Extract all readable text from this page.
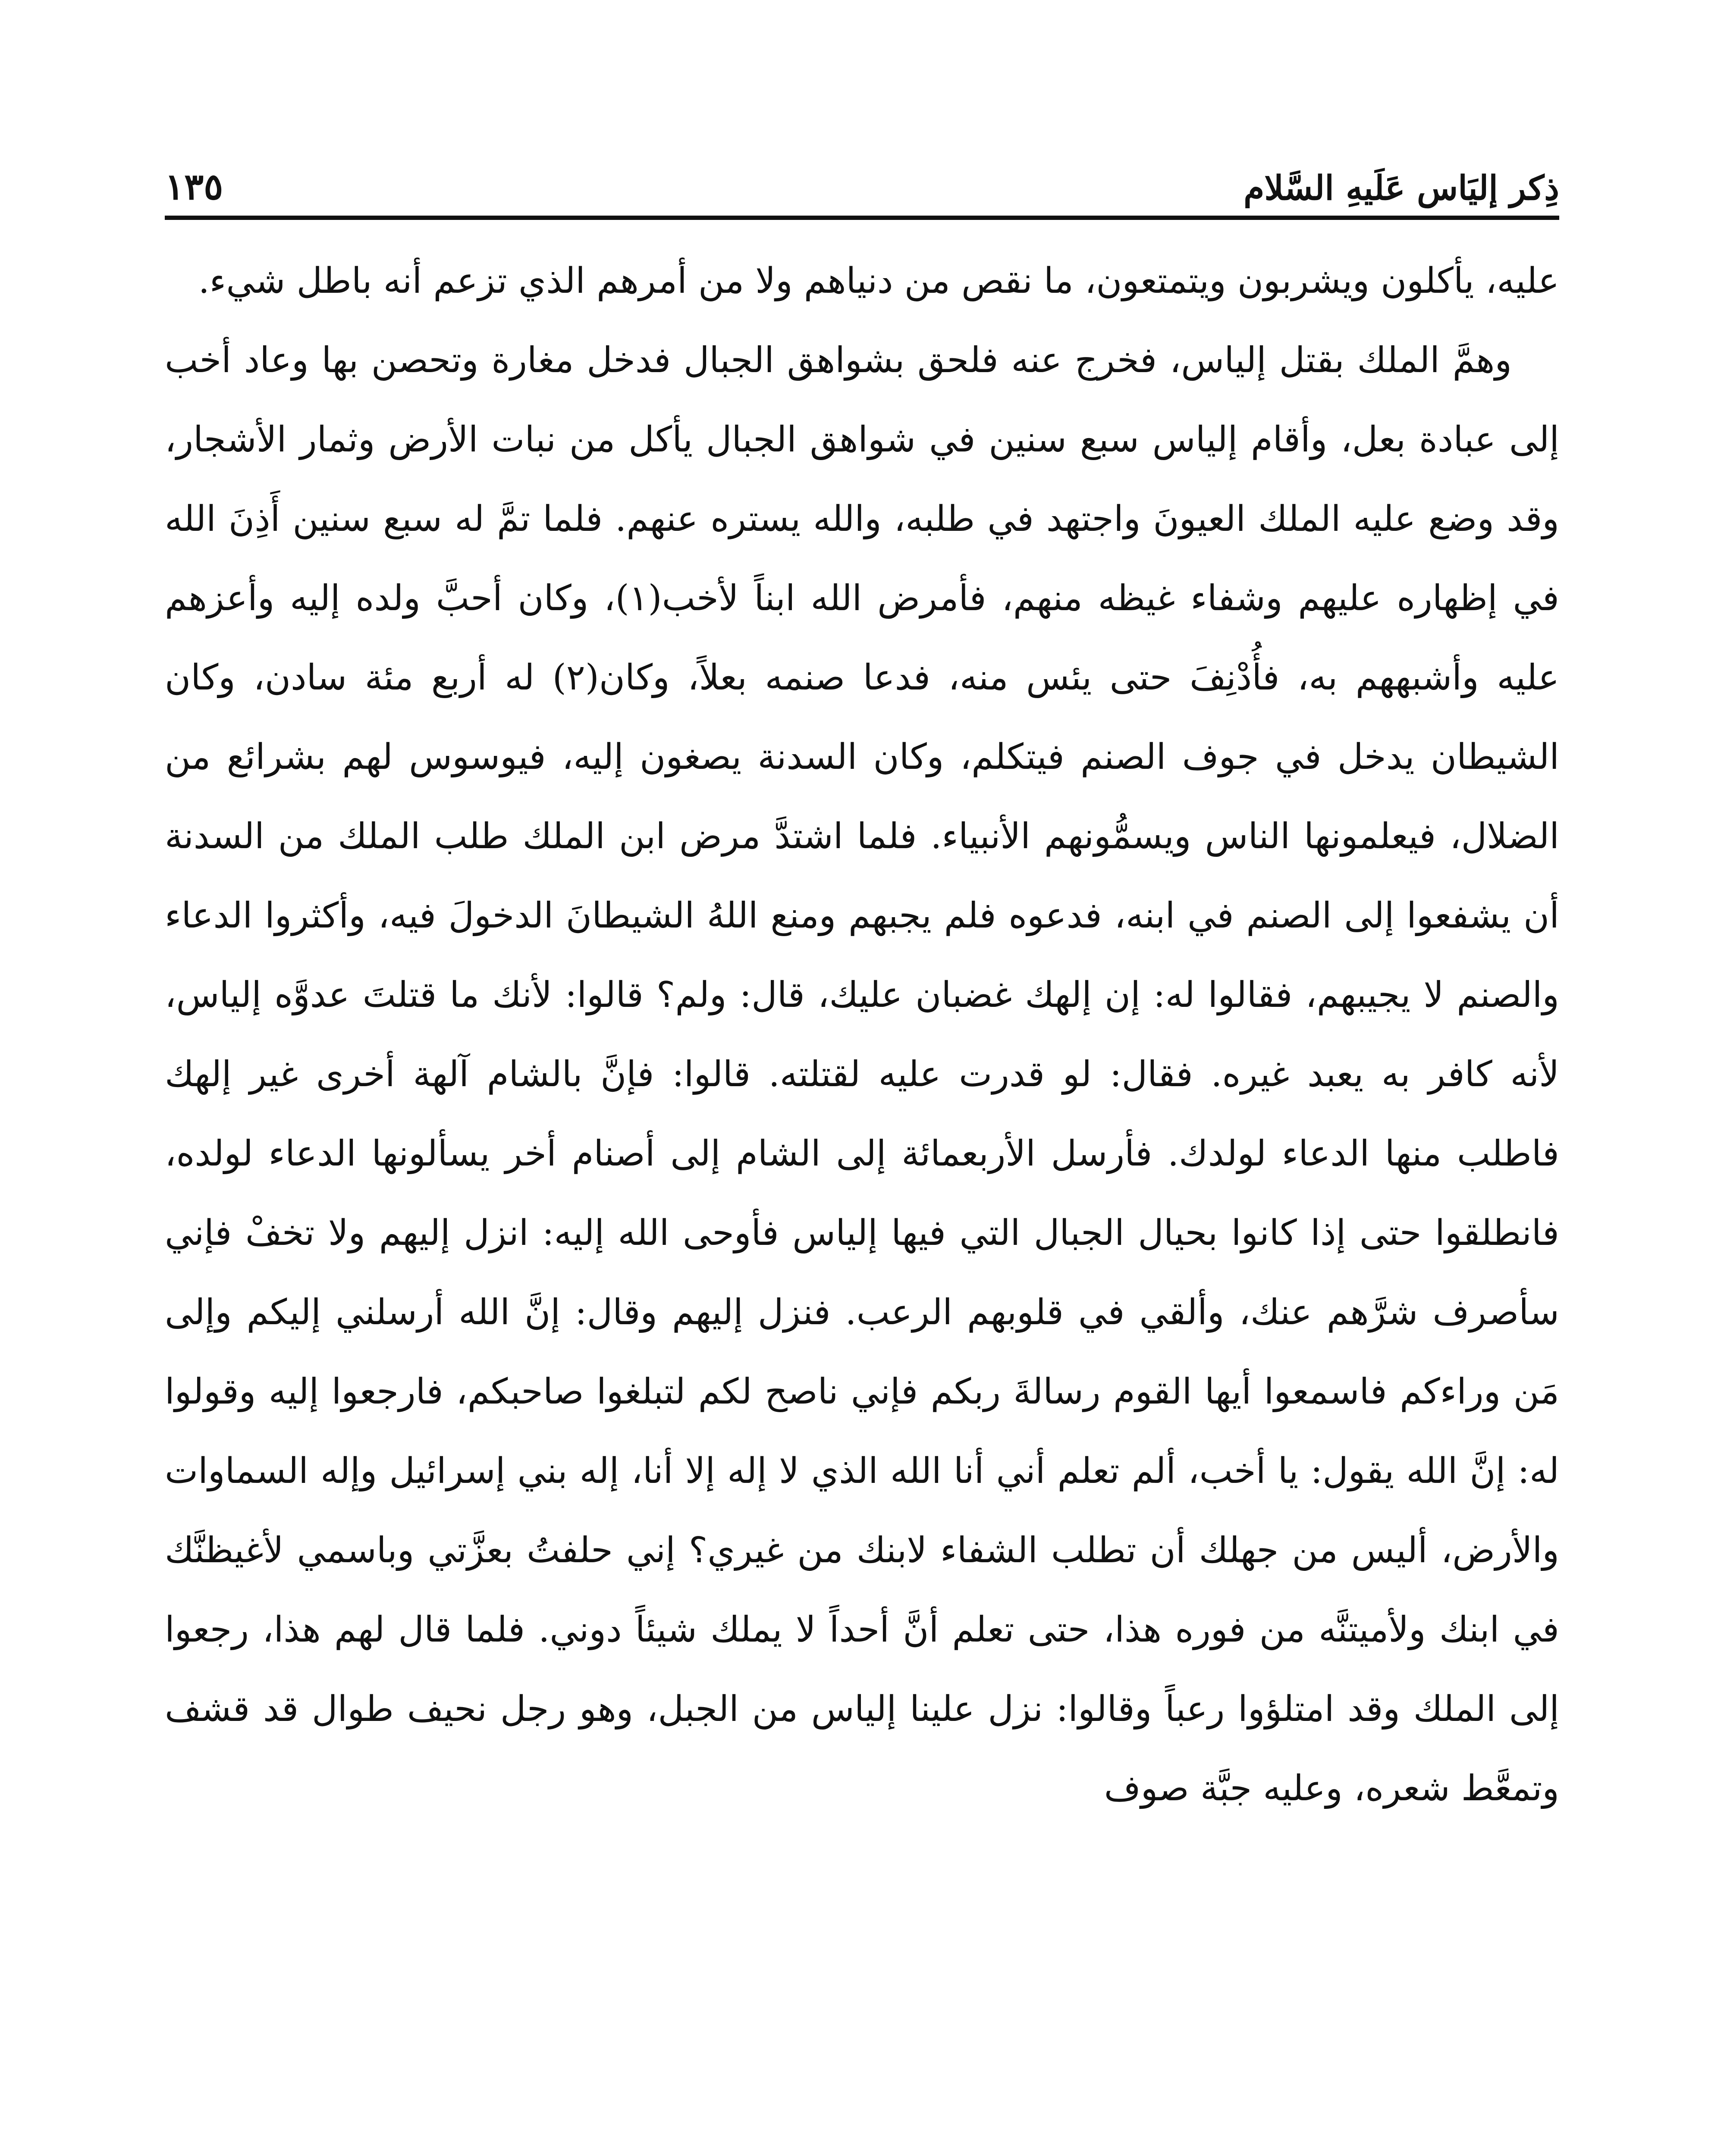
ذِكر إليَاس عَلَيهِ السَّلام
١٣٥

عليه، يأكلون ويشربون ويتمتعون، ما نقص من دنياهم ولا من أمرهم الذي تزعم أنه باطل شيء.

وهمَّ الملك بقتل إلياس، فخرج عنه فلحق بشواهق الجبال فدخل مغارة وتحصن بها وعاد أخب إلى عبادة بعل، وأقام إلياس سبع سنين في شواهق الجبال يأكل من نبات الأرض وثمار الأشجار، وقد وضع عليه الملك العيونَ واجتهد في طلبه، والله يستره عنهم. فلما تمَّ له سبع سنين أَذِنَ الله في إظهاره عليهم وشفاء غيظه منهم، فأمرض الله ابناً لأخب(١)، وكان أحبَّ ولده إليه وأعزهم عليه وأشبههم به، فأُدْنِفَ حتى يئس منه، فدعا صنمه بعلاً، وكان(٢) له أربع مئة سادن، وكان الشيطان يدخل في جوف الصنم فيتكلم، وكان السدنة يصغون إليه، فيوسوس لهم بشرائع من الضلال، فيعلمونها الناس ويسمُّونهم الأنبياء. فلما اشتدَّ مرض ابن الملك طلب الملك من السدنة أن يشفعوا إلى الصنم في ابنه، فدعوه فلم يجبهم ومنع اللهُ الشيطانَ الدخولَ فيه، وأكثروا الدعاء والصنم لا يجيبهم، فقالوا له: إن إلهك غضبان عليك، قال: ولم؟ قالوا: لأنك ما قتلتَ عدوَّه إلياس، لأنه كافر به يعبد غيره. فقال: لو قدرت عليه لقتلته. قالوا: فإنَّ بالشام آلهة أخرى غير إلهك فاطلب منها الدعاء لولدك. فأرسل الأربعمائة إلى الشام إلى أصنام أخر يسألونها الدعاء لولده، فانطلقوا حتى إذا كانوا بحيال الجبال التي فيها إلياس فأوحى الله إليه: انزل إليهم ولا تخفْ فإني سأصرف شرَّهم عنك، وألقي في قلوبهم الرعب. فنزل إليهم وقال: إنَّ الله أرسلني إليكم وإلى مَن وراءكم فاسمعوا أيها القوم رسالةَ ربكم فإني ناصح لكم لتبلغوا صاحبكم، فارجعوا إليه وقولوا له: إنَّ الله يقول: يا أخب، ألم تعلم أني أنا الله الذي لا إله إلا أنا، إله بني إسرائيل وإله السماوات والأرض، أليس من جهلك أن تطلب الشفاء لابنك من غيري؟ إني حلفتُ بعزَّتي وباسمي لأغيظنَّك في ابنك ولأميتنَّه من فوره هذا، حتى تعلم أنَّ أحداً لا يملك شيئاً دوني. فلما قال لهم هذا، رجعوا إلى الملك وقد امتلؤوا رعباً وقالوا: نزل علينا إلياس من الجبل، وهو رجل نحيف طوال قد قشف وتمعَّط شعره، وعليه جبَّة صوف
